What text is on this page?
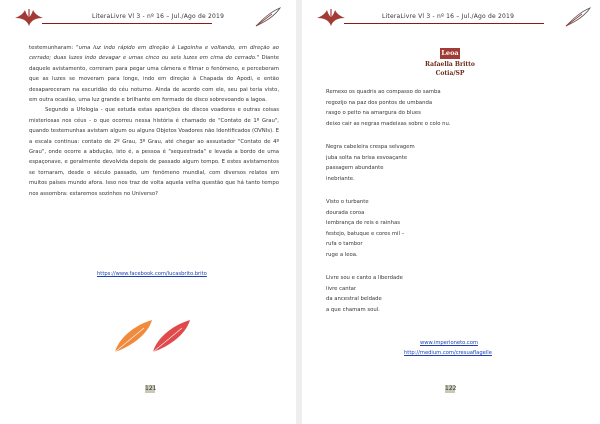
LiteraLivre Vl 3 - nº 16 – Jul./Ago de 2019

testemunharam: "uma luz indo rápido em direção à Lagoinha e voltando, em direção ao cerrado; duas luzes indo devagar e umas cinco ou seis luzes em cima do cerrado." Diante daquele avistamento, correram para pegar uma câmera e filmar o fenômeno, e perceberam que as luzes se moveram para longe, indo em direção à Chapada do Apodi, e então desapareceram na escuridão do céu noturno. Ainda de acordo com ele, seu pai teria visto, em outra ocasião, uma luz grande e brilhante em formado de disco sobrevoando a lagoa.

Segundo a Ufologia - que estuda estas aparições de discos voadores e outras coisas misteriosas nos céus - o que ocorreu nessa história é chamado de "Contato de 1º Grau", quando testemunhas avistam algum ou alguns Objetos Voadores não Identificados (OVNIs). E a escala continua: contato de 2º Grau, 3º Grau, até chegar ao assustador "Contato de 4º Grau", onde ocorre a abdução, isto é, a pessoa é "sequestrada" e levada a bordo de uma espaçonave, e geralmente devolvida depois de passado algum tempo. E estes avistamentos se tornaram, desde o século passado, um fenômeno mundial, com diversos relatos em muitos países mundo afora. Isso nos traz de volta aquela velha questão que há tanto tempo nos assombra: estaremos sozinhos no Universo?

https://www.facebook.com/lucasbrito.brito
121
LiteraLivre Vl 3 - nº 16 – Jul./Ago de 2019
Leoa
Rafaella Britto
Cotia/SP
Remexo os quadris ao compasso do samba
regozijo na paz dos pontos de umbanda
rasgo o peito na amargura do blues
deixo cair as negras madeixas sobre o colo nu.
Negra cabeleira crespa selvagem
juba solta na brisa esvoaçante
passagem abundante
inebriante.
Visto o turbante
dourada coroa
lembrança de reis e rainhas
festejo, batuque e cores mil –
rufa o tambor
ruge a leoa.
Livre sou e canto a liberdade
livre cantar
da ancestral beldade
a que chamam soul.
www.imperioneto.com
http://medium.com/cresuaflagelle
122
